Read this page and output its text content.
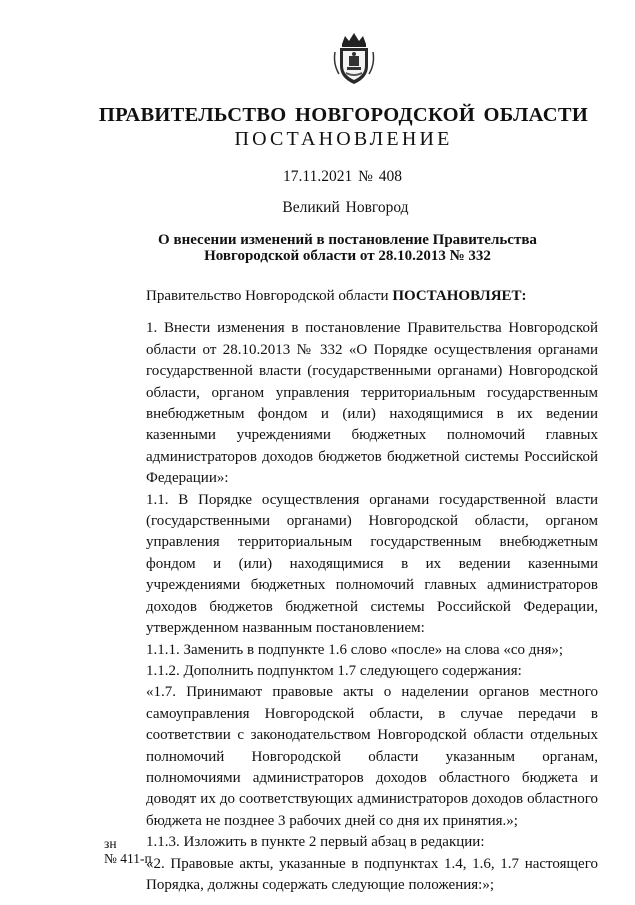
ПРАВИТЕЛЬСТВО НОВГОРОДСКОЙ ОБЛАСТИ
ПОСТАНОВЛЕНИЕ
17.11.2021 № 408
Великий Новгород
О внесении изменений в постановление Правительства
Новгородской области от 28.10.2013 № 332

Правительство Новгородской области ПОСТАНОВЛЯЕТ:

1. Внести изменения в постановление Правительства Новгородской области от 28.10.2013 № 332 «О Порядке осуществления органами государственной власти (государственными органами) Новгородской области, органом управления территориальным государственным внебюджетным фондом и (или) находящимися в их ведении казенными учреждениями бюджетных полномочий главных администраторов доходов бюджетов бюджетной системы Российской Федерации»:

1.1. В Порядке осуществления органами государственной власти (государственными органами) Новгородской области, органом управления территориальным государственным внебюджетным фондом и (или) находящимися в их ведении казенными учреждениями бюджетных полномочий главных администраторов доходов бюджетов бюджетной системы Российской Федерации, утвержденном названным постановлением:

1.1.1. Заменить в подпункте 1.6 слово «после» на слова «со дня»;

1.1.2. Дополнить подпунктом 1.7 следующего содержания:

«1.7. Принимают правовые акты о наделении органов местного самоуправления Новгородской области, в случае передачи в соответствии с законодательством Новгородской области отдельных полномочий Новгородской области указанным органам, полномочиями администраторов доходов областного бюджета и доводят их до соответствующих администраторов доходов областного бюджета не позднее 3 рабочих дней со дня их принятия.»;

1.1.3. Изложить в пункте 2 первый абзац в редакции:

«2. Правовые акты, указанные в подпунктах 1.4, 1.6, 1.7 настоящего Порядка, должны содержать следующие положения:»;

зн
№ 411-п
